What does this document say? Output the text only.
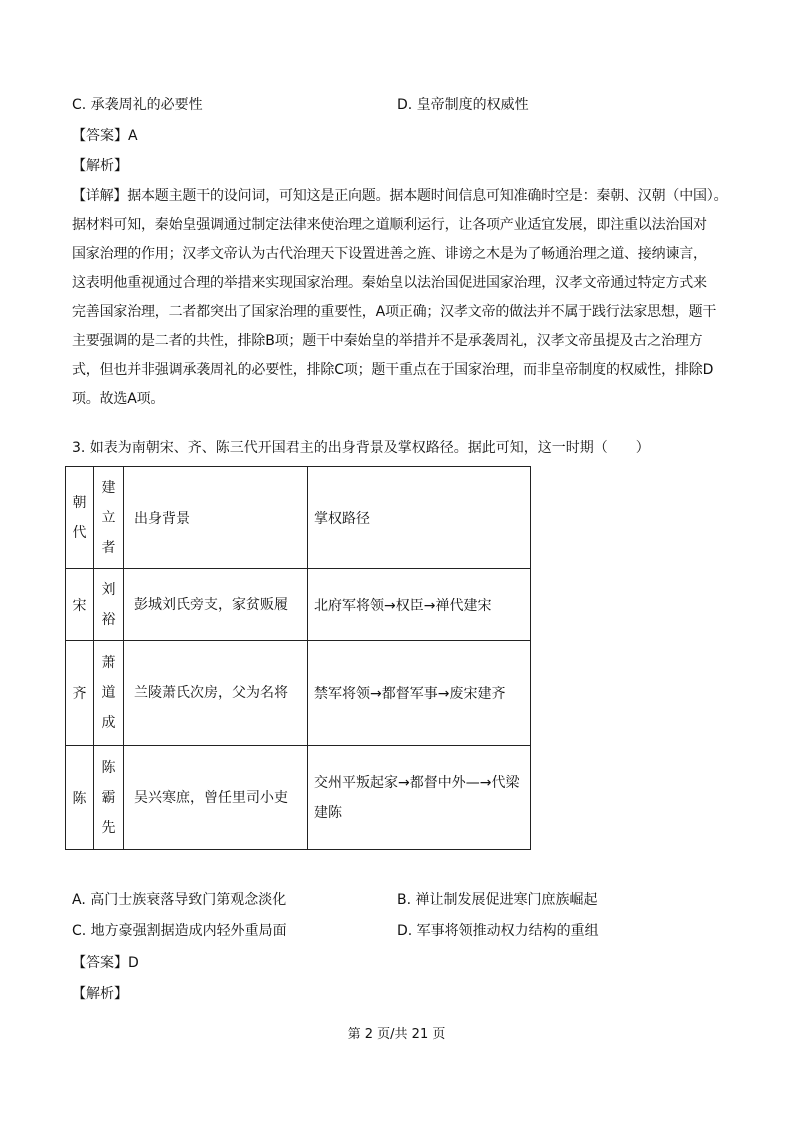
C. 承袭周礼的必要性	D. 皇帝制度的权威性
【答案】A
【解析】
【详解】据本题主题干的设问词，可知这是正向题。据本题时间信息可知准确时空是：秦朝、汉朝（中国）。
据材料可知，秦始皇强调通过制定法律来使治理之道顺利运行，让各项产业适宜发展，即注重以法治国对
国家治理的作用；汉孝文帝认为古代治理天下设置进善之旌、诽谤之木是为了畅通治理之道、接纳谏言，
这表明他重视通过合理的举措来实现国家治理。秦始皇以法治国促进国家治理，汉孝文帝通过特定方式来
完善国家治理，二者都突出了国家治理的重要性，A项正确；汉孝文帝的做法并不属于践行法家思想，题干
主要强调的是二者的共性，排除B项；题干中秦始皇的举措并不是承袭周礼，汉孝文帝虽提及古之治理方
式，但也并非强调承袭周礼的必要性，排除C项；题干重点在于国家治理，而非皇帝制度的权威性，排除D
项。故选A项。
3. 如表为南朝宋、齐、陈三代开国君主的出身背景及掌权路径。据此可知，这一时期（　　）
朝
代	建
立
者	出身背景	掌权路径
宋	刘
裕	彭城刘氏旁支，家贫贩履	北府军将领→权臣→禅代建宋
齐	萧
道
成	兰陵萧氏次房，父为名将	禁军将领→都督军事→废宋建齐
陈	陈
霸
先	吴兴寒庶，曾任里司小吏	交州平叛起家→都督中外—→代梁建陈
A. 高门士族衰落导致门第观念淡化	B. 禅让制发展促进寒门庶族崛起
C. 地方豪强割据造成内轻外重局面	D. 军事将领推动权力结构的重组
【答案】D
【解析】
第 2 页/共 21 页
